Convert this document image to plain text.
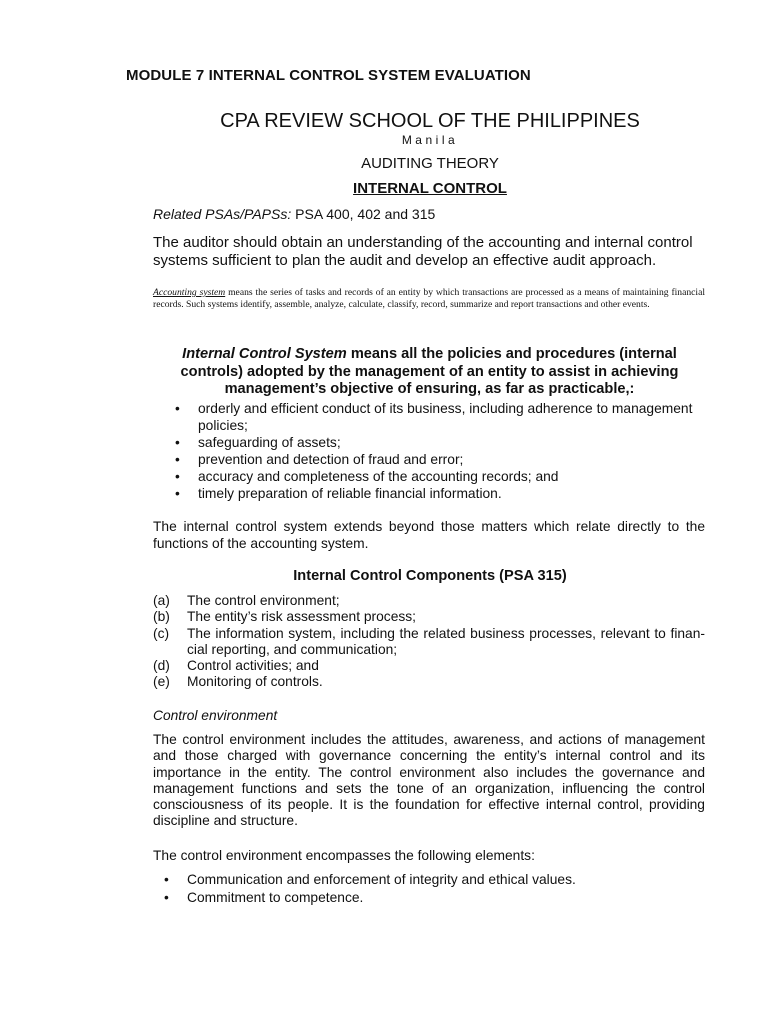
MODULE 7 INTERNAL CONTROL SYSTEM EVALUATION
CPA REVIEW SCHOOL OF THE PHILIPPINES
Manila
AUDITING THEORY
INTERNAL CONTROL
Related PSAs/PAPSs: PSA 400, 402 and 315
The auditor should obtain an understanding of the accounting and internal control systems sufficient to plan the audit and develop an effective audit approach.
Accounting system means the series of tasks and records of an entity by which transactions are processed as a means of maintaining financial records. Such systems identify, assemble, analyze, calculate, classify, record, summarize and report transactions and other events.
Internal Control System means all the policies and procedures (internal controls) adopted by the management of an entity to assist in achieving management’s objective of ensuring, as far as practicable,:
• orderly and efficient conduct of its business, including adherence to management policies;
• safeguarding of assets;
• prevention and detection of fraud and error;
• accuracy and completeness of the accounting records; and
• timely preparation of reliable financial information.
The internal control system extends beyond those matters which relate directly to the functions of the accounting system.
Internal Control Components (PSA 315)
(a) The control environment;
(b) The entity’s risk assessment process;
(c) The information system, including the related business processes, relevant to finan-cial reporting, and communication;
(d) Control activities; and
(e) Monitoring of controls.
Control environment
The control environment includes the attitudes, awareness, and actions of management and those charged with governance concerning the entity’s internal control and its importance in the entity. The control environment also includes the governance and management functions and sets the tone of an organization, influencing the control consciousness of its people. It is the foundation for effective internal control, providing discipline and structure.
The control environment encompasses the following elements:
• Communication and enforcement of integrity and ethical values.
• Commitment to competence.
